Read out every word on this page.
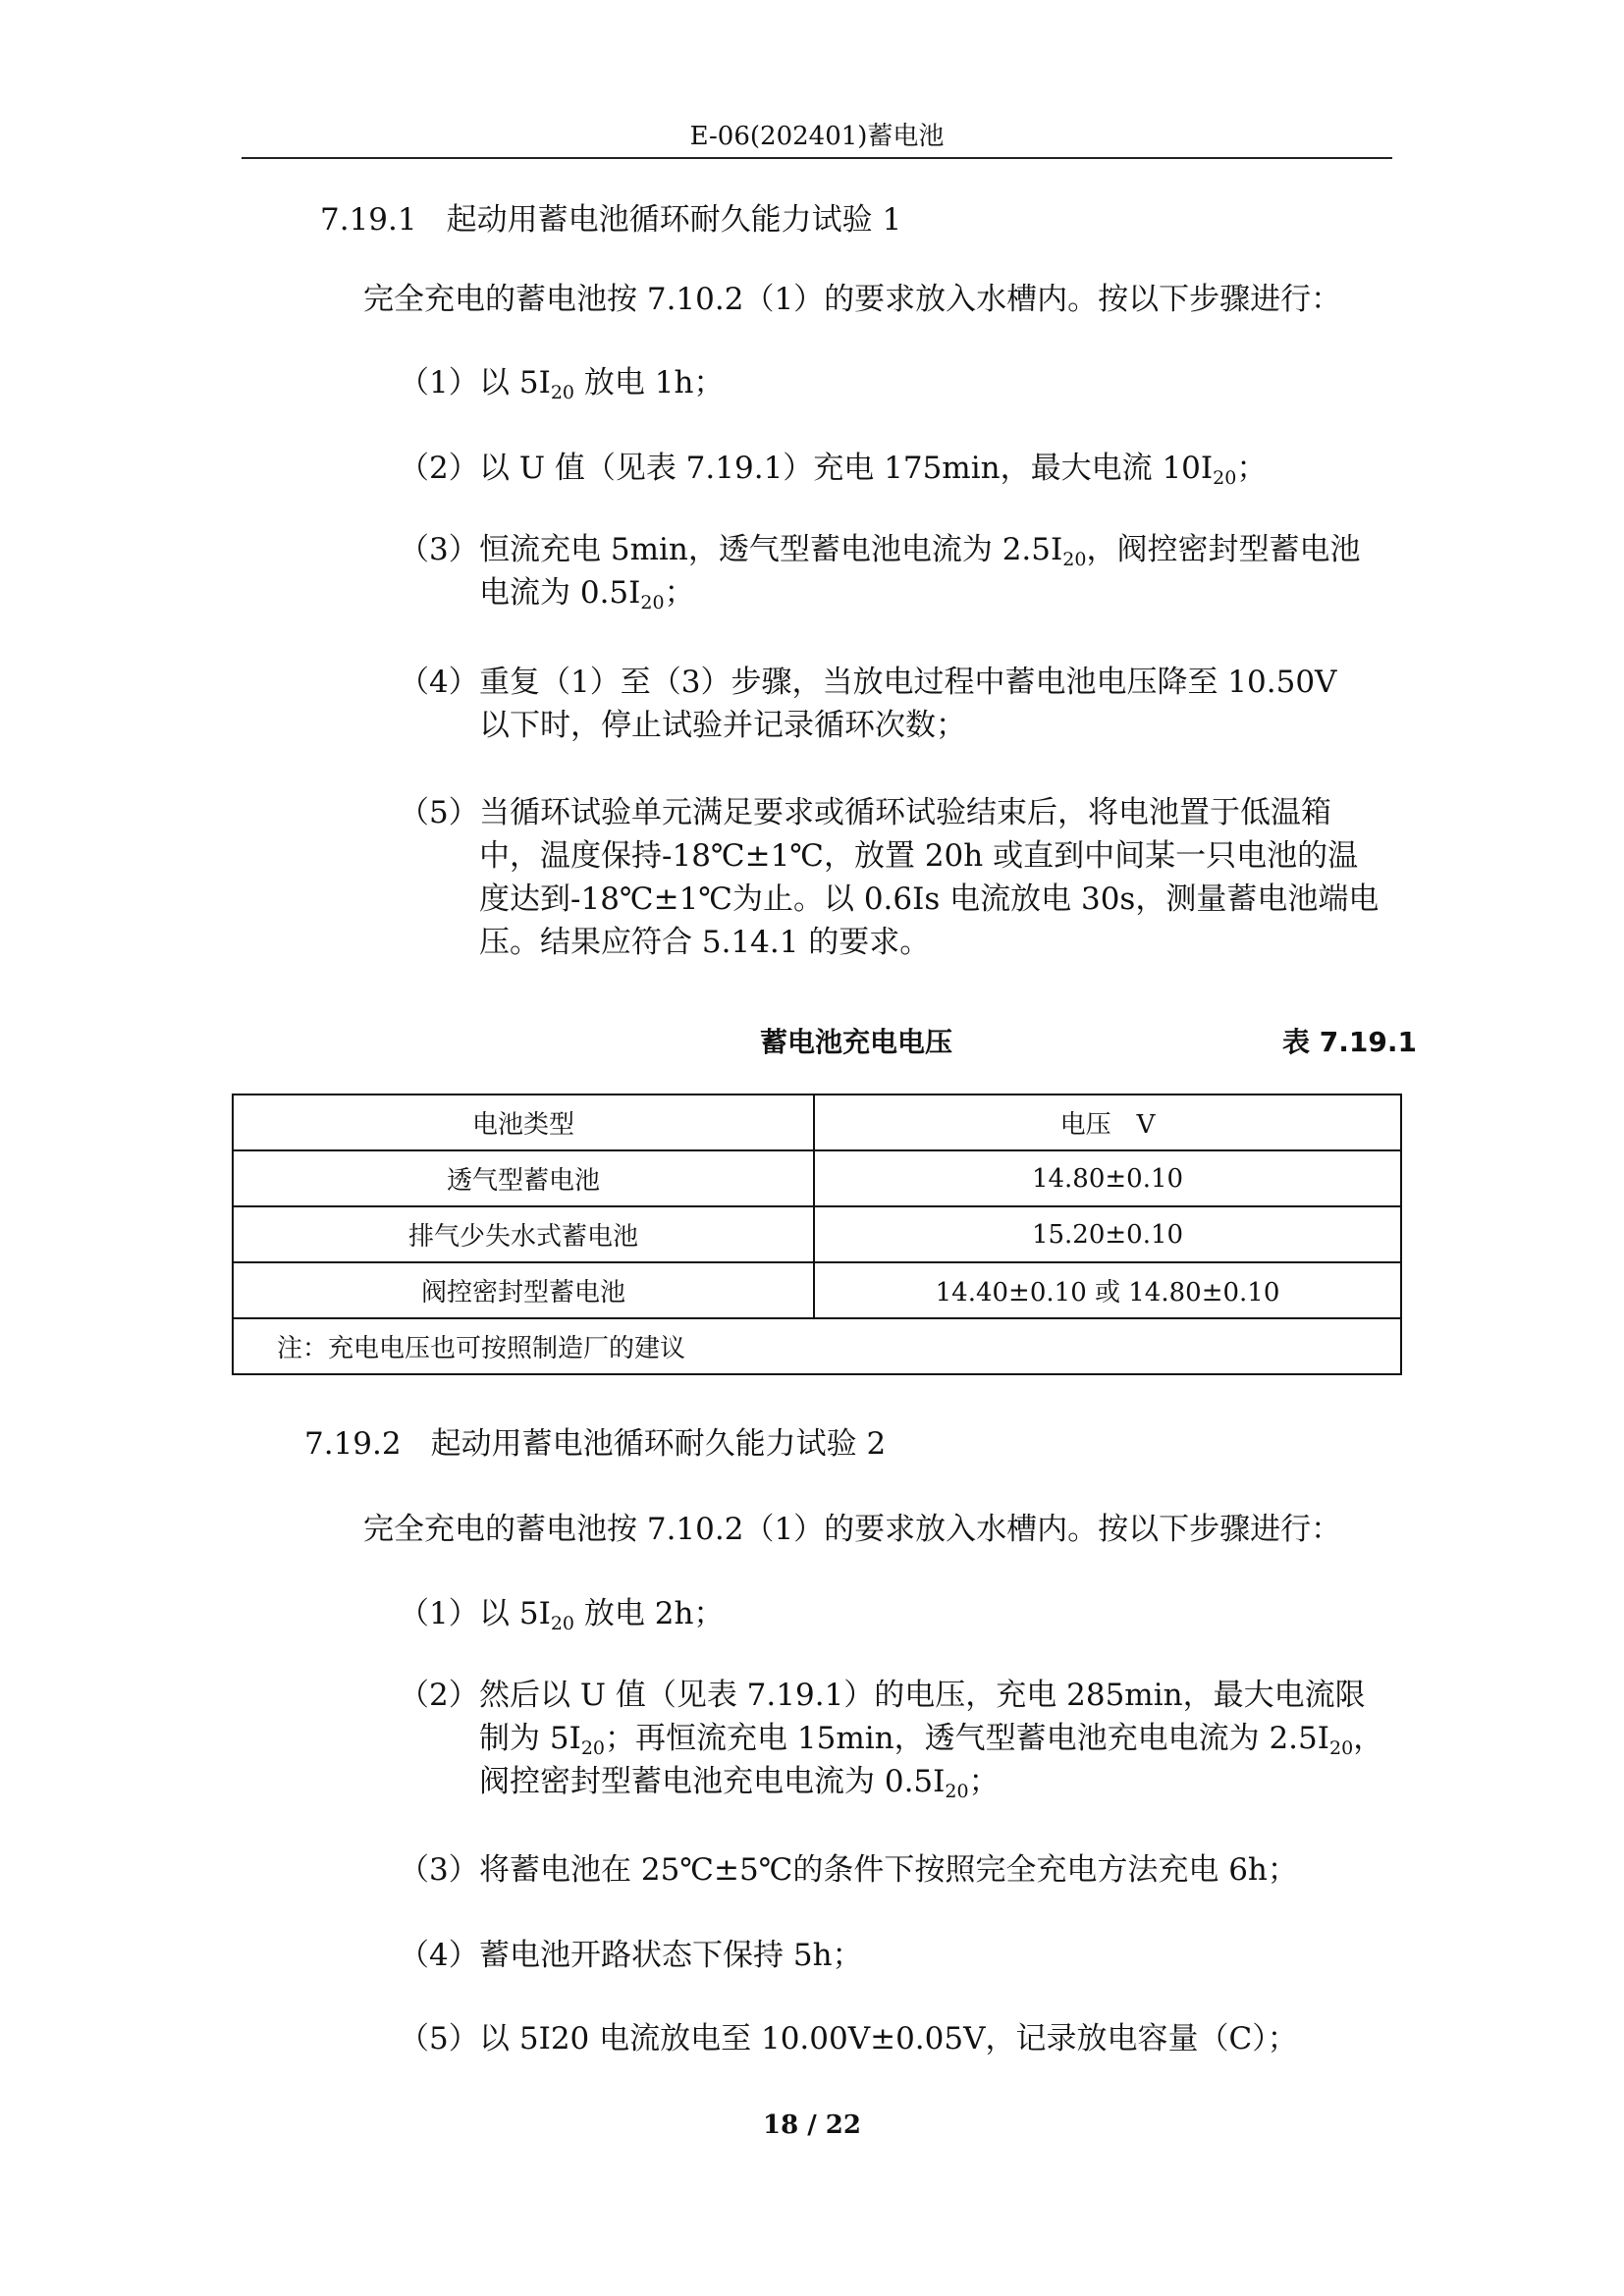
E-06(202401)蓄电池
7.19.1 起动用蓄电池循环耐久能力试验 1
完全充电的蓄电池按 7.10.2（1）的要求放入水槽内。按以下步骤进行：
（1） 以 $5I_{20}$ 放电 1h；
（2） 以 U 值（见表 7.19.1）充电 175min，最大电流 $10I_{20}$；
（3） 恒流充电 5min，透气型蓄电池电流为 $2.5I_{20}$，阀控密封型蓄电池
电流为 $0.5I_{20}$；
（4） 重复（1）至（3）步骤，当放电过程中蓄电池电压降至 10.50V
以下时，停止试验并记录循环次数；
（5） 当循环试验单元满足要求或循环试验结束后，将电池置于低温箱
中，温度保持-18℃±1℃，放置 20h 或直到中间某一只电池的温
度达到-18℃±1℃为止。以 0.6Is 电流放电 30s，测量蓄电池端电
压。结果应符合 5.14.1 的要求。
蓄电池充电电压	表 7.19.1
电池类型	电压　V
透气型蓄电池	14.80±0.10
排气少失水式蓄电池	15.20±0.10
阀控密封型蓄电池	14.40±0.10 或 14.80±0.10
注：充电电压也可按照制造厂的建议	
7.19.2 起动用蓄电池循环耐久能力试验 2
完全充电的蓄电池按 7.10.2（1）的要求放入水槽内。按以下步骤进行：
（1） 以 $5I_{20}$ 放电 2h；
（2） 然后以 U 值（见表 7.19.1）的电压，充电 285min，最大电流限
制为 $5I_{20}$；再恒流充电 15min，透气型蓄电池充电电流为 $2.5I_{20}$，
阀控密封型蓄电池充电电流为 $0.5I_{20}$；
（3） 将蓄电池在 25℃±5℃的条件下按照完全充电方法充电 6h；
（4） 蓄电池开路状态下保持 5h；
（5） 以 5I20 电流放电至 10.00V±0.05V，记录放电容量（C）；
18 / 22
